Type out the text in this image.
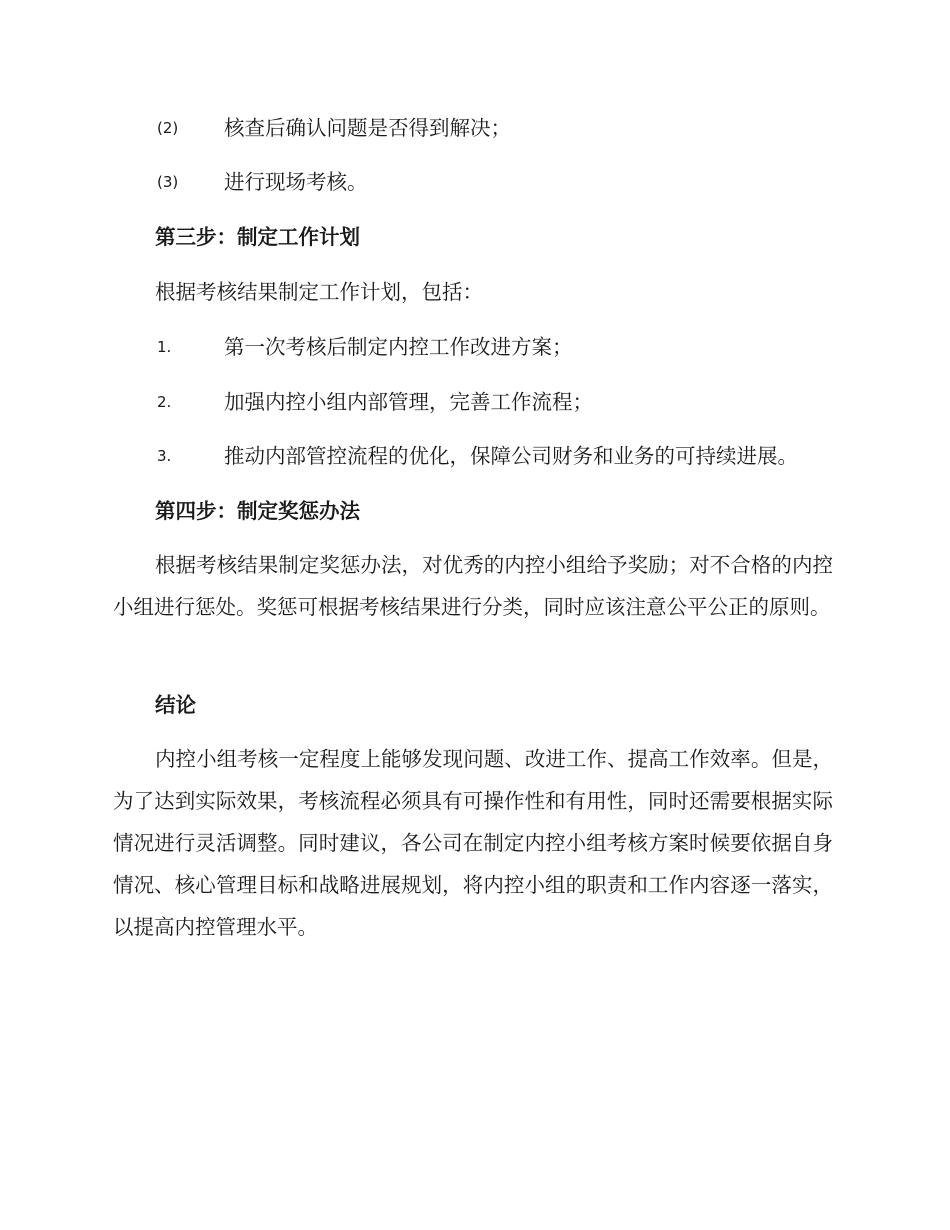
(2) 核查后确认问题是否得到解决；
(3) 进行现场考核。
第三步：制定工作计划
根据考核结果制定工作计划，包括：
1.	第一次考核后制定内控工作改进方案；
2.	加强内控小组内部管理，完善工作流程；
3.	推动内部管控流程的优化，保障公司财务和业务的可持续进展。
第四步：制定奖惩办法
根据考核结果制定奖惩办法，对优秀的内控小组给予奖励；对不合格的内控小组进行惩处。奖惩可根据考核结果进行分类，同时应该注意公平公正的原则。
结论
内控小组考核一定程度上能够发现问题、改进工作、提高工作效率。但是，为了达到实际效果，考核流程必须具有可操作性和有用性，同时还需要根据实际情况进行灵活调整。同时建议，各公司在制定内控小组考核方案时候要依据自身情况、核心管理目标和战略进展规划，将内控小组的职责和工作内容逐一落实，以提高内控管理水平。
